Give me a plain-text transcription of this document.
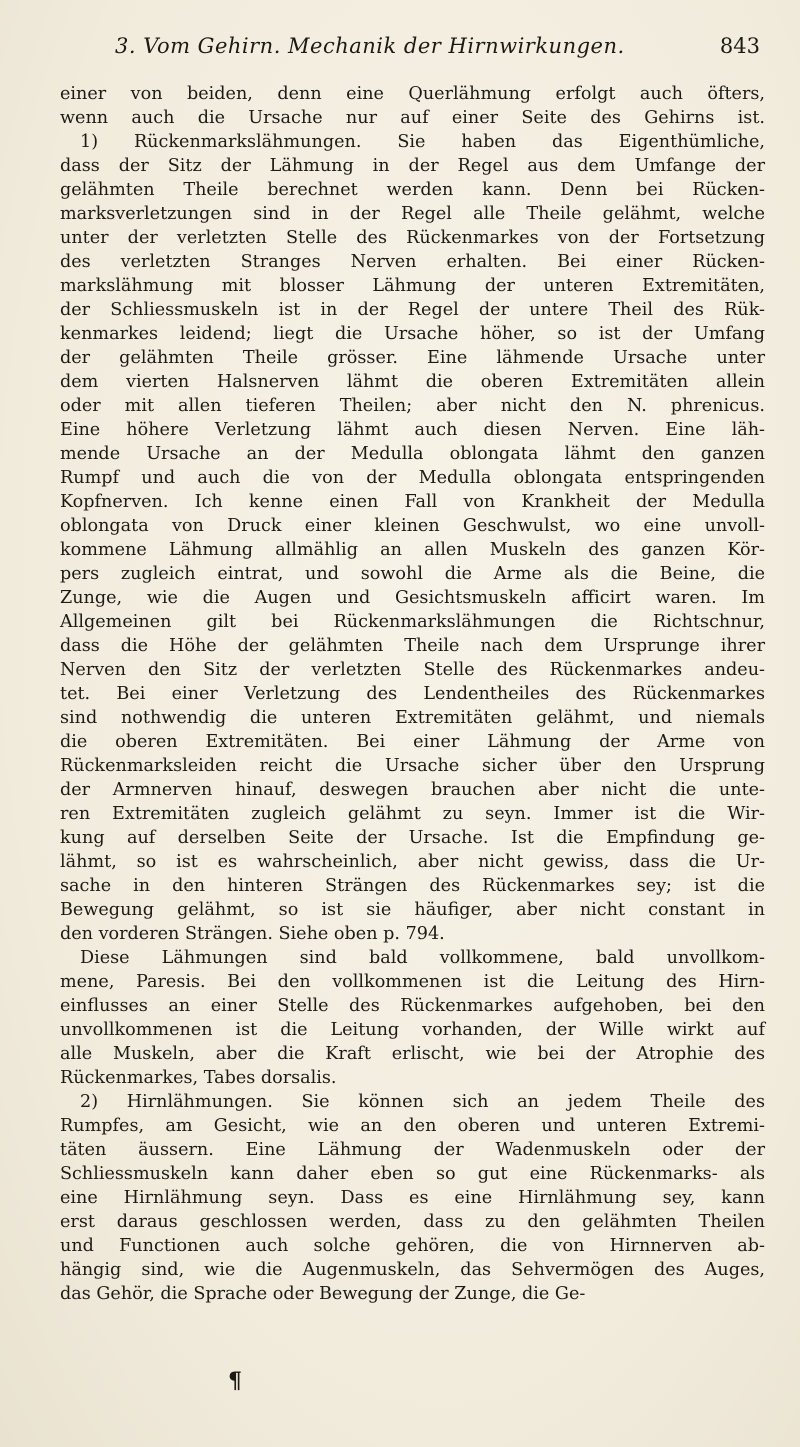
3. Vom Gehirn. Mechanik der Hirnwirkungen.	843
einer von beiden, denn eine Querlähmung erfolgt auch öfters,
wenn auch die Ursache nur auf einer Seite des Gehirns ist.
1) Rückenmarkslähmungen. Sie haben das Eigenthümliche,
dass der Sitz der Lähmung in der Regel aus dem Umfange der
gelähmten Theile berechnet werden kann. Denn bei Rücken-
marksverletzungen sind in der Regel alle Theile gelähmt, welche
unter der verletzten Stelle des Rückenmarkes von der Fortsetzung
des verletzten Stranges Nerven erhalten. Bei einer Rücken-
markslähmung mit blosser Lähmung der unteren Extremitäten,
der Schliessmuskeln ist in der Regel der untere Theil des Rük-
kenmarkes leidend; liegt die Ursache höher, so ist der Umfang
der gelähmten Theile grösser. Eine lähmende Ursache unter
dem vierten Halsnerven lähmt die oberen Extremitäten allein
oder mit allen tieferen Theilen; aber nicht den N. phrenicus.
Eine höhere Verletzung lähmt auch diesen Nerven. Eine läh-
mende Ursache an der Medulla oblongata lähmt den ganzen
Rumpf und auch die von der Medulla oblongata entspringenden
Kopfnerven. Ich kenne einen Fall von Krankheit der Medulla
oblongata von Druck einer kleinen Geschwulst, wo eine unvoll-
kommene Lähmung allmählig an allen Muskeln des ganzen Kör-
pers zugleich eintrat, und sowohl die Arme als die Beine, die
Zunge, wie die Augen und Gesichtsmuskeln afficirt waren. Im
Allgemeinen gilt bei Rückenmarkslähmungen die Richtschnur,
dass die Höhe der gelähmten Theile nach dem Ursprunge ihrer
Nerven den Sitz der verletzten Stelle des Rückenmarkes andeu-
tet. Bei einer Verletzung des Lendentheiles des Rückenmarkes
sind nothwendig die unteren Extremitäten gelähmt, und niemals
die oberen Extremitäten. Bei einer Lähmung der Arme von
Rückenmarksleiden reicht die Ursache sicher über den Ursprung
der Armnerven hinauf, deswegen brauchen aber nicht die unte-
ren Extremitäten zugleich gelähmt zu seyn. Immer ist die Wir-
kung auf derselben Seite der Ursache. Ist die Empfindung ge-
lähmt, so ist es wahrscheinlich, aber nicht gewiss, dass die Ur-
sache in den hinteren Strängen des Rückenmarkes sey; ist die
Bewegung gelähmt, so ist sie häufiger, aber nicht constant in
den vorderen Strängen. Siehe oben p. 794.
Diese Lähmungen sind bald vollkommene, bald unvollkom-
mene, Paresis. Bei den vollkommenen ist die Leitung des Hirn-
einflusses an einer Stelle des Rückenmarkes aufgehoben, bei den
unvollkommenen ist die Leitung vorhanden, der Wille wirkt auf
alle Muskeln, aber die Kraft erlischt, wie bei der Atrophie des
Rückenmarkes, Tabes dorsalis.
2) Hirnlähmungen. Sie können sich an jedem Theile des
Rumpfes, am Gesicht, wie an den oberen und unteren Extremi-
täten äussern. Eine Lähmung der Wadenmuskeln oder der
Schliessmuskeln kann daher eben so gut eine Rückenmarks- als
eine Hirnlähmung seyn. Dass es eine Hirnlähmung sey, kann
erst daraus geschlossen werden, dass zu den gelähmten Theilen
und Functionen auch solche gehören, die von Hirnnerven ab-
hängig sind, wie die Augenmuskeln, das Sehvermögen des Auges,
das Gehör, die Sprache oder Bewegung der Zunge, die Ge-
¶
